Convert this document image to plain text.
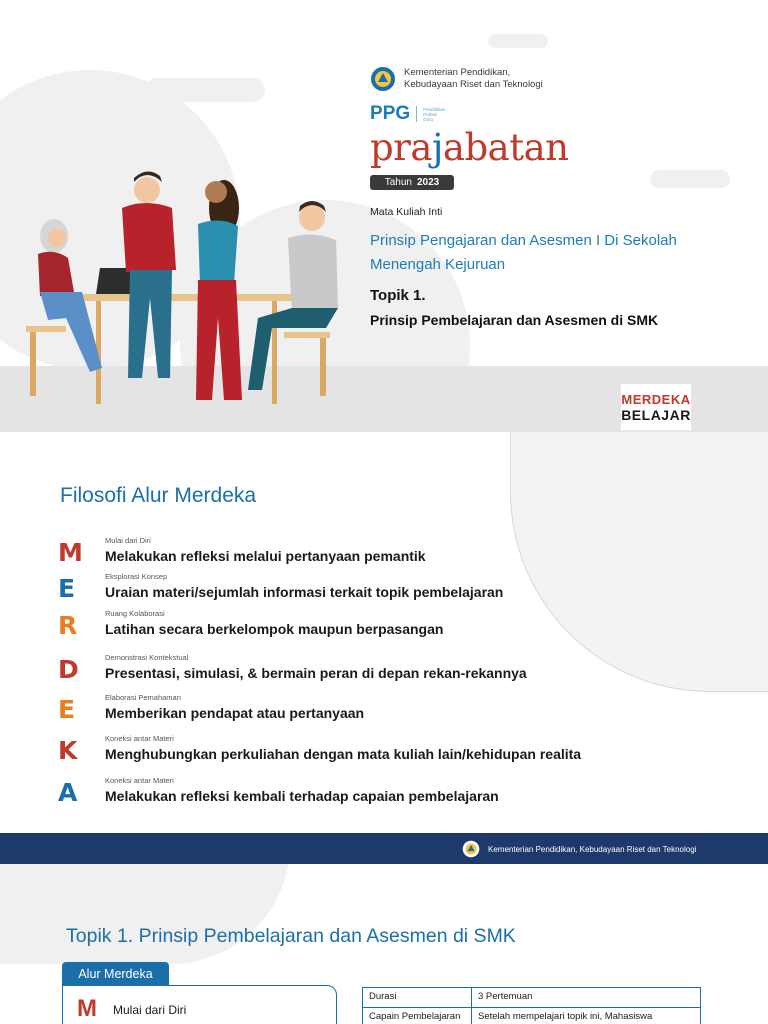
Kementerian Pendidikan,
Kebudayaan Riset dan Teknologi
PPG	Pendidikan
Profesi
Guru
prajabatan
Tahun 2023
Mata Kuliah Inti
Prinsip Pengajaran dan Asesmen I Di Sekolah Menengah Kejuruan
Topik 1.
Prinsip Pembelajaran dan Asesmen di SMK
MERDEKA
BELAJAR
Filosofi Alur Merdeka
M	Mulai dari Diri
Melakukan refleksi melalui pertanyaan pemantik
E	Eksplorasi Konsep
Uraian materi/sejumlah informasi terkait topik pembelajaran
R	Ruang Kolaborasi
Latihan secara berkelompok maupun berpasangan
D	Demonstrasi Kontekstual
Presentasi, simulasi, & bermain peran di depan rekan-rekannya
E	Elaborasi Pemahaman
Memberikan pendapat atau pertanyaan
K	Koneksi antar Materi
Menghubungkan perkuliahan dengan mata kuliah lain/kehidupan realita
A	Koneksi antar Materi
Melakukan refleksi kembali terhadap capaian pembelajaran
Kementerian Pendidikan, Kebudayaan Riset dan Teknologi
Topik 1. Prinsip Pembelajaran dan Asesmen di SMK
Alur Merdeka
M Mulai dari Diri
Durasi	3 Pertemuan
Capain Pembelajaran	Setelah mempelajari topik ini, Mahasiswa
